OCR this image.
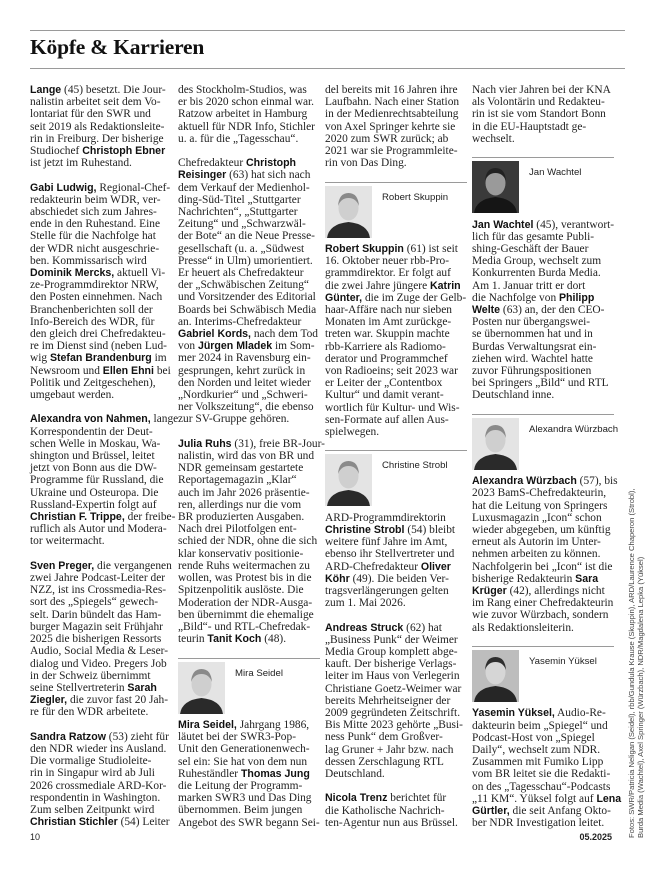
Köpfe & Karrieren

Lange (45) besetzt. Die Jour-
nalistin arbeitet seit dem Vo-
lontariat für den SWR und
seit 2019 als Redaktionsleite-
rin in Freiburg. Der bisherige
Studiochef Christoph Ebner
ist jetzt im Ruhestand.

Gabi Ludwig, Regional-Chef-
redakteurin beim WDR, ver-
abschiedet sich zum Jahres-
ende in den Ruhestand. Eine
Stelle für die Nachfolge hat
der WDR nicht ausgeschrie-
ben. Kommissarisch wird
Dominik Mercks, aktuell Vi-
ze-Programmdirektor NRW,
den Posten einnehmen. Nach
Branchenberichten soll der
Info-Bereich des WDR, für
den gleich drei Chefredakteu-
re im Dienst sind (neben Lud-
wig Stefan Brandenburg im
Newsroom und Ellen Ehni bei
Politik und Zeitgeschehen),
umgebaut werden.

Alexandra von Nahmen, lange
Korrespondentin der Deut-
schen Welle in Moskau, Wa-
shington und Brüssel, leitet
jetzt von Bonn aus die DW-
Programme für Russland, die
Ukraine und Osteuropa. Die
Russland-Expertin folgt auf
Christian F. Trippe, der freibe-
ruflich als Autor und Modera-
tor weitermacht.

Sven Preger, die vergangenen
zwei Jahre Podcast-Leiter der
NZZ, ist ins Crossmedia-Res-
sort des „Spiegels“ gewech-
selt. Darin bündelt das Ham-
burger Magazin seit Frühjahr
2025 die bisherigen Ressorts
Audio, Social Media & Leser-
dialog und Video. Pregers Job
in der Schweiz übernimmt
seine Stellvertreterin Sarah
Ziegler, die zuvor fast 20 Jah-
re für den WDR arbeitete.

Sandra Ratzow (53) zieht für
den NDR wieder ins Ausland.
Die vormalige Studioleite-
rin in Singapur wird ab Juli
2026 crossmediale ARD-Kor-
respondentin in Washington.
Zum selben Zeitpunkt wird
Christian Stichler (54) Leiter

des Stockholm-Studios, was
er bis 2020 schon einmal war.
Ratzow arbeitet in Hamburg
aktuell für NDR Info, Stichler
u. a. für die „Tagesschau“.

Chefredakteur Christoph
Reisinger (63) hat sich nach
dem Verkauf der Medienhol-
ding-Süd-Titel „Stuttgarter
Nachrichten“, „Stuttgarter
Zeitung“ und „Schwarzwäl-
der Bote“ an die Neue Presse-
gesellschaft (u. a. „Südwest
Presse“ in Ulm) umorientiert.
Er heuert als Chefredakteur
der „Schwäbischen Zeitung“
und Vorsitzender des Editorial
Boards bei Schwäbisch Media
an. Interims-Chefredakteur
Gabriel Kords, nach dem Tod
von Jürgen Mladek im Som-
mer 2024 in Ravensburg ein-
gesprungen, kehrt zurück in
den Norden und leitet wieder
„Nordkurier“ und „Schweri-
ner Volkszeitung“, die ebenso
zur SV-Gruppe gehören.

Julia Ruhs (31), freie BR-Jour-
nalistin, wird das von BR und
NDR gemeinsam gestartete
Reportagemagazin „Klar“
auch im Jahr 2026 präsentie-
ren, allerdings nur die vom
BR produzierten Ausgaben.
Nach drei Pilotfolgen ent-
schied der NDR, ohne die sich
klar konservativ positionie-
rende Ruhs weitermachen zu
wollen, was Protest bis in die
Spitzenpolitik auslöste. Die
Moderation der NDR-Ausga-
ben übernimmt die ehemalige
„Bild“- und RTL-Chefredak-
teurin Tanit Koch (48).

Mira Seidel

Mira Seidel, Jahrgang 1986,
läutet bei der SWR3-Pop-
Unit den Generationenwech-
sel ein: Sie hat von dem nun
Ruheständler Thomas Jung
die Leitung der Programm-
marken SWR3 und Das Ding
übernommen. Beim jungen
Angebot des SWR begann Sei-

del bereits mit 16 Jahren ihre
Laufbahn. Nach einer Station
in der Medienrechtsabteilung
von Axel Springer kehrte sie
2020 zum SWR zurück; ab
2021 war sie Programmleite-
rin von Das Ding.

Robert Skuppin

Robert Skuppin (61) ist seit
16. Oktober neuer rbb-Pro-
grammdirektor. Er folgt auf
die zwei Jahre jüngere Katrin
Günter, die im Zuge der Gelb-
haar-Affäre nach nur sieben
Monaten im Amt zurückge-
treten war. Skuppin machte
rbb-Karriere als Radiomo-
derator und Programmchef
von Radioeins; seit 2023 war
er Leiter der „Contentbox
Kultur“ und damit verant-
wortlich für Kultur- und Wis-
sen-Formate auf allen Aus-
spielwegen.

Christine Strobl

ARD-Programmdirektorin
Christine Strobl (54) bleibt
weitere fünf Jahre im Amt,
ebenso ihr Stellvertreter und
ARD-Chefredakteur Oliver
Köhr (49). Die beiden Ver-
tragsverlängerungen gelten
zum 1. Mai 2026.

Andreas Struck (62) hat
„Business Punk“ der Weimer
Media Group komplett abge-
kauft. Der bisherige Verlags-
leiter im Haus von Verlegerin
Christiane Goetz-Weimer war
bereits Mehrheitseigner der
2009 gegründeten Zeitschrift.
Bis Mitte 2023 gehörte „Busi-
ness Punk“ dem Großver-
lag Gruner + Jahr bzw. nach
dessen Zerschlagung RTL
Deutschland.

Nicola Trenz berichtet für
die Katholische Nachrich-
ten-Agentur nun aus Brüssel.

Nach vier Jahren bei der KNA
als Volontärin und Redakteu-
rin ist sie vom Standort Bonn
in die EU-Hauptstadt ge-
wechselt.

Jan Wachtel

Jan Wachtel (45), verantwort-
lich für das gesamte Publi-
shing-Geschäft der Bauer
Media Group, wechselt zum
Konkurrenten Burda Media.
Am 1. Januar tritt er dort
die Nachfolge von Philipp
Welte (63) an, der den CEO-
Posten nur übergangswei-
se übernommen hat und in
Burdas Verwaltungsrat ein-
ziehen wird. Wachtel hatte
zuvor Führungspositionen
bei Springers „Bild“ und RTL
Deutschland inne.

Alexandra Würzbach

Alexandra Würzbach (57), bis
2023 BamS-Chefredakteurin,
hat die Leitung von Springers
Luxusmagazin „Icon“ schon
wieder abgegeben, um künftig
erneut als Autorin im Unter-
nehmen arbeiten zu können.
Nachfolgerin bei „Icon“ ist die
bisherige Redakteurin Sara
Krüger (42), allerdings nicht
im Rang einer Chefredakteurin
wie zuvor Würzbach, sondern
als Redaktionsleiterin.

Yasemin Yüksel

Yasemin Yüksel, Audio-Re-
dakteurin beim „Spiegel“ und
Podcast-Host von „Spiegel
Daily“, wechselt zum NDR.
Zusammen mit Fumiko Lipp
vom BR leitet sie die Redakti-
on des „Tagesschau“-Podcasts
„11 KM“. Yüksel folgt auf Lena
Gürtler, die seit Anfang Okto-
ber NDR Investigation leitet.

10	05.2025 Fotos: SWR/Patricia Neligan (Seidel), rbb/Gundula Krause (Skuppin), ARD/Laurence Chaperon (Strobl),
Burda Media (Wachtel), Axel Springer (Würzbach), NDR/Magdalena Lepka (Yüksel)
